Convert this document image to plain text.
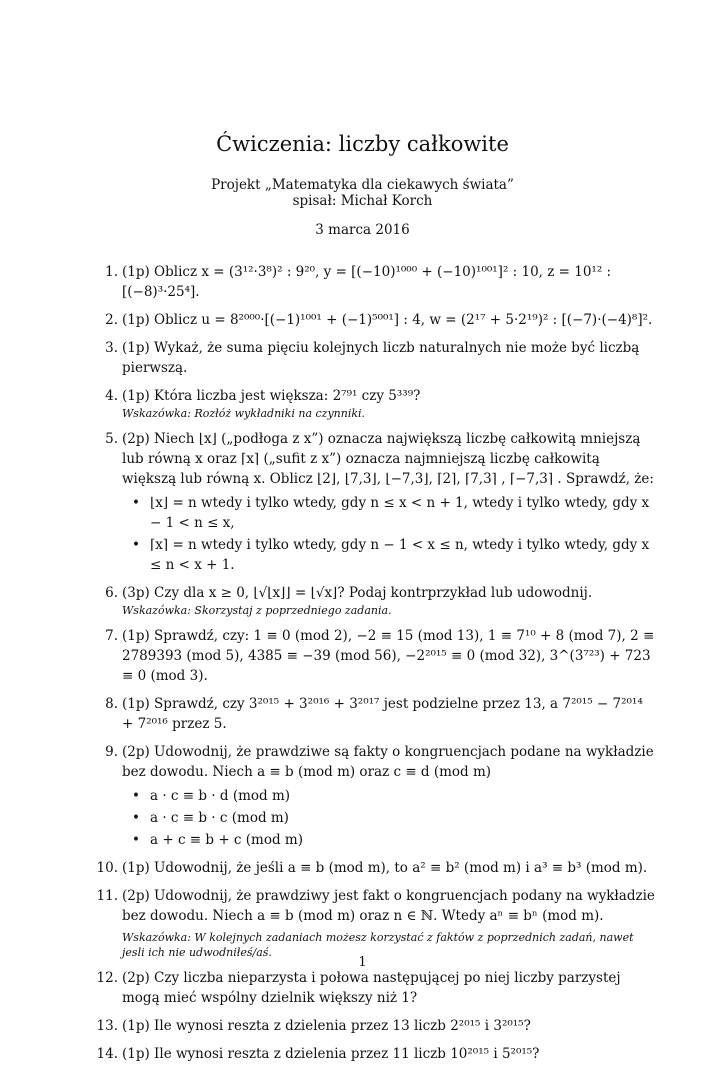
Ćwiczenia: liczby całkowite
Projekt „Matematyka dla ciekawych świata”
spisał: Michał Korch
3 marca 2016
1. (1p) Oblicz x = (3¹²·3⁸)² : 9²⁰, y = [(−10)¹⁰⁰⁰ + (−10)¹⁰⁰¹]² : 10, z = 10¹² : [(−8)³·25⁴].
2. (1p) Oblicz u = 8²⁰⁰⁰·[(−1)¹⁰⁰¹ + (−1)⁵⁰⁰¹] : 4, w = (2¹⁷ + 5·2¹⁹)² : [(−7)·(−4)⁸]².
3. (1p) Wykaż, że suma pięciu kolejnych liczb naturalnych nie może być liczbą pierwszą.
4. (1p) Która liczba jest większa: 2⁷⁹¹ czy 5³³⁹?
Wskazówka: Rozłóż wykładniki na czynniki.
5. (2p) Niech ⌊x⌋ („podłoga z x”) oznacza największą liczbę całkowitą mniejszą lub równą x oraz ⌈x⌉ („sufit z x”) oznacza najmniejszą liczbę całkowitą większą lub równą x. Oblicz ⌊2⌋, ⌊7,3⌋, ⌊−7,3⌋, ⌈2⌉, ⌈7,3⌉ , ⌈−7,3⌉ . Sprawdź, że:
• ⌊x⌋ = n wtedy i tylko wtedy, gdy n ≤ x < n + 1, wtedy i tylko wtedy, gdy x − 1 < n ≤ x,
• ⌈x⌉ = n wtedy i tylko wtedy, gdy n − 1 < x ≤ n, wtedy i tylko wtedy, gdy x ≤ n < x + 1.
6. (3p) Czy dla x ≥ 0, ⌊√⌊x⌋⌋ = ⌊√x⌋? Podaj kontrprzykład lub udowodnij.
Wskazówka: Skorzystaj z poprzedniego zadania.
7. (1p) Sprawdź, czy: 1 ≡ 0 (mod 2), −2 ≡ 15 (mod 13), 1 ≡ 7¹⁰ + 8 (mod 7), 2 ≡ 2789393 (mod 5), 4385 ≡ −39 (mod 56), −2²⁰¹⁵ ≡ 0 (mod 32), 3^(3⁷²³) + 723 ≡ 0 (mod 3).
8. (1p) Sprawdź, czy 3²⁰¹⁵ + 3²⁰¹⁶ + 3²⁰¹⁷ jest podzielne przez 13, a 7²⁰¹⁵ − 7²⁰¹⁴ + 7²⁰¹⁶ przez 5.
9. (2p) Udowodnij, że prawdziwe są fakty o kongruencjach podane na wykładzie bez dowodu. Niech a ≡ b (mod m) oraz c ≡ d (mod m)
• a · c ≡ b · d (mod m)
• a · c ≡ b · c (mod m)
• a + c ≡ b + c (mod m)
10. (1p) Udowodnij, że jeśli a ≡ b (mod m), to a² ≡ b² (mod m) i a³ ≡ b³ (mod m).
11. (2p) Udowodnij, że prawdziwy jest fakt o kongruencjach podany na wykładzie bez dowodu. Niech a ≡ b (mod m) oraz n ∈ ℕ. Wtedy aⁿ ≡ bⁿ (mod m).
Wskazówka: W kolejnych zadaniach możesz korzystać z faktów z poprzednich zadań, nawet jesli ich nie udwodniłeś/aś.
12. (2p) Czy liczba nieparzysta i połowa następującej po niej liczby parzystej mogą mieć wspólny dzielnik większy niż 1?
13. (1p) Ile wynosi reszta z dzielenia przez 13 liczb 2²⁰¹⁵ i 3²⁰¹⁵?
14. (1p) Ile wynosi reszta z dzielenia przez 11 liczb 10²⁰¹⁵ i 5²⁰¹⁵?
1
